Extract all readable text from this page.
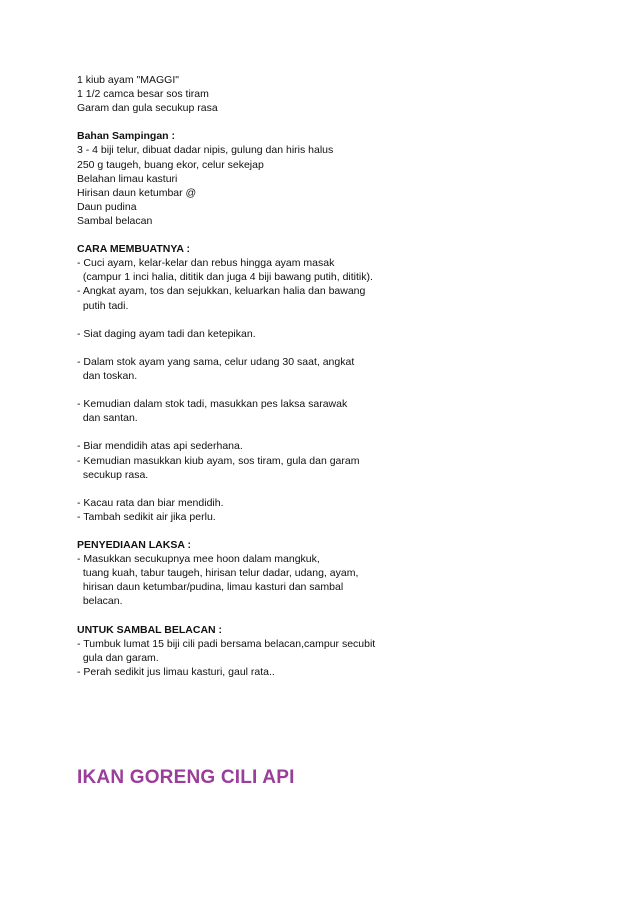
1 kiub ayam "MAGGI"
1 1/2 camca besar sos tiram
Garam dan gula secukup rasa
Bahan Sampingan :
3 - 4 biji telur, dibuat dadar nipis, gulung dan hiris halus
250 g taugeh, buang ekor, celur sekejap
Belahan limau kasturi
Hirisan daun ketumbar @
Daun pudina
Sambal belacan
CARA MEMBUATNYA :
- Cuci ayam, kelar-kelar dan rebus hingga ayam masak
(campur 1 inci halia, dititik dan juga 4 biji bawang putih, dititik).
- Angkat ayam, tos dan sejukkan, keluarkan halia dan bawang
putih tadi.
- Siat daging ayam tadi dan ketepikan.
- Dalam stok ayam yang sama, celur udang 30 saat, angkat
dan toskan.
- Kemudian dalam stok tadi, masukkan pes laksa sarawak
dan santan.
- Biar mendidih atas api sederhana.
- Kemudian masukkan kiub ayam, sos tiram, gula dan garam
secukup rasa.
- Kacau rata dan biar mendidih.
- Tambah sedikit air jika perlu.
PENYEDIAAN LAKSA :
- Masukkan secukupnya mee hoon dalam mangkuk,
tuang kuah, tabur taugeh, hirisan telur dadar, udang, ayam,
hirisan daun ketumbar/pudina, limau kasturi dan sambal
belacan.
UNTUK SAMBAL BELACAN :
- Tumbuk lumat 15 biji cili padi bersama belacan,campur secubit
gula dan garam.
- Perah sedikit jus limau kasturi, gaul rata..
IKAN GORENG CILI API
